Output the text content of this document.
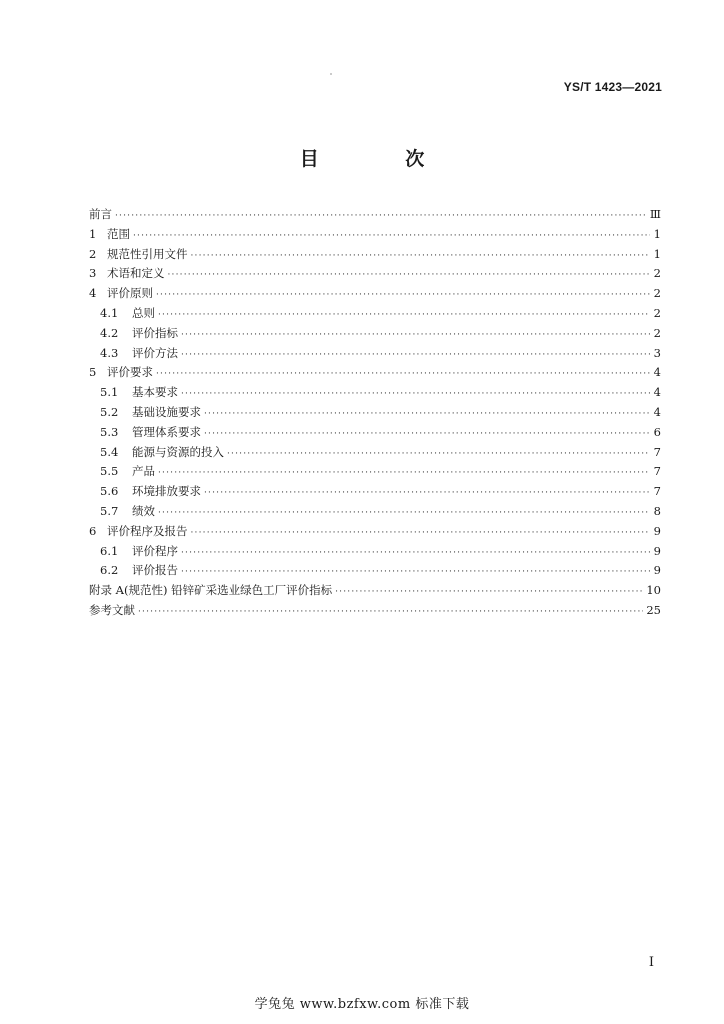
YS/T 1423—2021
目 次
前言 ·····	Ⅲ
1 范围 ·····	1
2 规范性引用文件 ·····	1
3 术语和定义 ·····	2
4 评价原则 ·····	2
4.1	总则 ·····	2
4.2	评价指标 ·····	2
4.3	评价方法 ·····	3
5 评价要求 ·····	4
5.1	基本要求 ·····	4
5.2	基础设施要求 ·····	4
5.3	管理体系要求 ·····	6
5.4	能源与资源的投入 ·····	7
5.5	产品 ·····	7
5.6	环境排放要求 ·····	7
5.7	绩效 ·····	8
6 评价程序及报告 ·····	9
6.1	评价程序 ·····	9
6.2	评价报告 ·····	9
附录 A(规范性) 铅锌矿采选业绿色工厂评价指标 ·····	10
参考文献 ·····	25
I
学兔兔 www.bzfxw.com 标准下载
